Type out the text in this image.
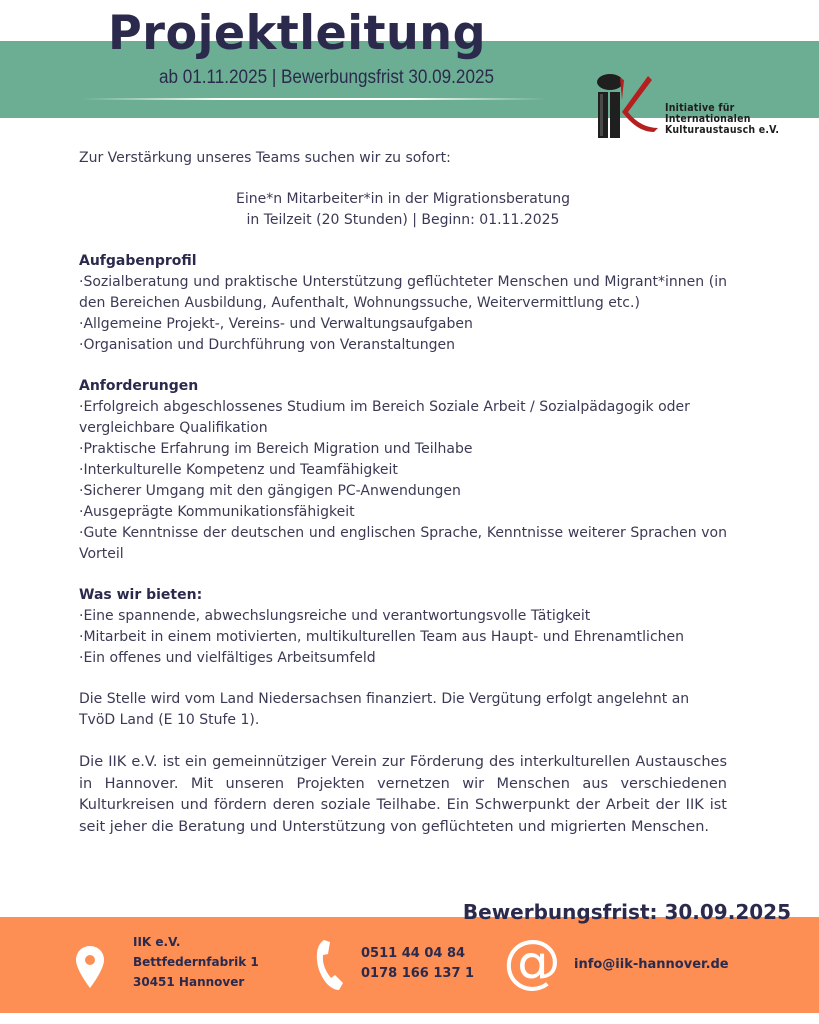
Projektleitung
ab 01.11.2025 | Bewerbungsfrist 30.09.2025
Initiative für
Internationalen
Kulturaustausch e.V.

Zur Verstärkung unseres Teams suchen wir zu sofort:

Eine*n Mitarbeiter*in in der Migrationsberatung
in Teilzeit (20 Stunden) | Beginn: 01.11.2025
Aufgabenprofil
·Sozialberatung und praktische Unterstützung geflüchteter Menschen und Migrant*innen (in den Bereichen Ausbildung, Aufenthalt, Wohnungssuche, Weitervermittlung etc.)
·Allgemeine Projekt-, Vereins- und Verwaltungsaufgaben
·Organisation und Durchführung von Veranstaltungen
Anforderungen
·Erfolgreich abgeschlossenes Studium im Bereich Soziale Arbeit / Sozialpädagogik oder vergleichbare Qualifikation
·Praktische Erfahrung im Bereich Migration und Teilhabe
·Interkulturelle Kompetenz und Teamfähigkeit
·Sicherer Umgang mit den gängigen PC-Anwendungen
·Ausgeprägte Kommunikationsfähigkeit
·Gute Kenntnisse der deutschen und englischen Sprache, Kenntnisse weiterer Sprachen von Vorteil
Was wir bieten:
·Eine spannende, abwechslungsreiche und verantwortungsvolle Tätigkeit
·Mitarbeit in einem motivierten, multikulturellen Team aus Haupt- und Ehrenamtlichen
·Ein offenes und vielfältiges Arbeitsumfeld

Die Stelle wird vom Land Niedersachsen finanziert. Die Vergütung erfolgt angelehnt an TvöD Land (E 10 Stufe 1).

Die IIK e.V. ist ein gemeinnütziger Verein zur Förderung des interkulturellen Austausches in Hannover. Mit unseren Projekten vernetzen wir Menschen aus verschiedenen Kulturkreisen und fördern deren soziale Teilhabe. Ein Schwerpunkt der Arbeit der IIK ist seit jeher die Beratung und Unterstützung von geflüchteten und migrierten Menschen.

Bewerbungsfrist: 30.09.2025
IIK e.V.
Bettfedernfabrik 1
30451 Hannover
0511 44 04 84
0178 166 137 1 @ info@iik-hannover.de
